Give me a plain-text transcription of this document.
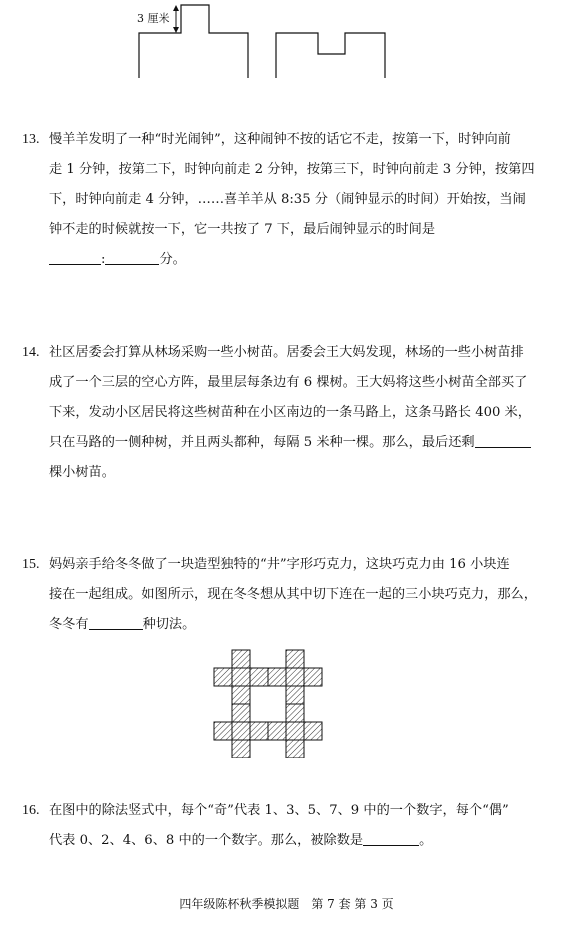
3 厘米
13. 慢羊羊发明了一种“时光闹钟”，这种闹钟不按的话它不走，按第一下，时钟向前
走 1 分钟，按第二下，时钟向前走 2 分钟，按第三下，时钟向前走 3 分钟，按第四
下，时钟向前走 4 分钟，……喜羊羊从 8:35 分（闹钟显示的时间）开始按，当闹
钟不走的时候就按一下，它一共按了 7 下，最后闹钟显示的时间是
:	分。
14. 社区居委会打算从林场采购一些小树苗。居委会王大妈发现，林场的一些小树苗排
成了一个三层的空心方阵，最里层每条边有 6 棵树。王大妈将这些小树苗全部买了
下来，发动小区居民将这些树苗种在小区南边的一条马路上，这条马路长 400 米，
只在马路的一侧种树，并且两头都种，每隔 5 米种一棵。那么，最后还剩
棵小树苗。
15. 妈妈亲手给冬冬做了一块造型独特的“井”字形巧克力，这块巧克力由 16 小块连
接在一起组成。如图所示，现在冬冬想从其中切下连在一起的三小块巧克力，那么，
冬冬有	种切法。
16. 在图中的除法竖式中，每个“奇”代表 1、3、5、7、9 中的一个数字，每个“偶”
代表 0、2、4、6、8 中的一个数字。那么，被除数是	。
四年级陈杯秋季模拟题　第 7 套 第 3 页
